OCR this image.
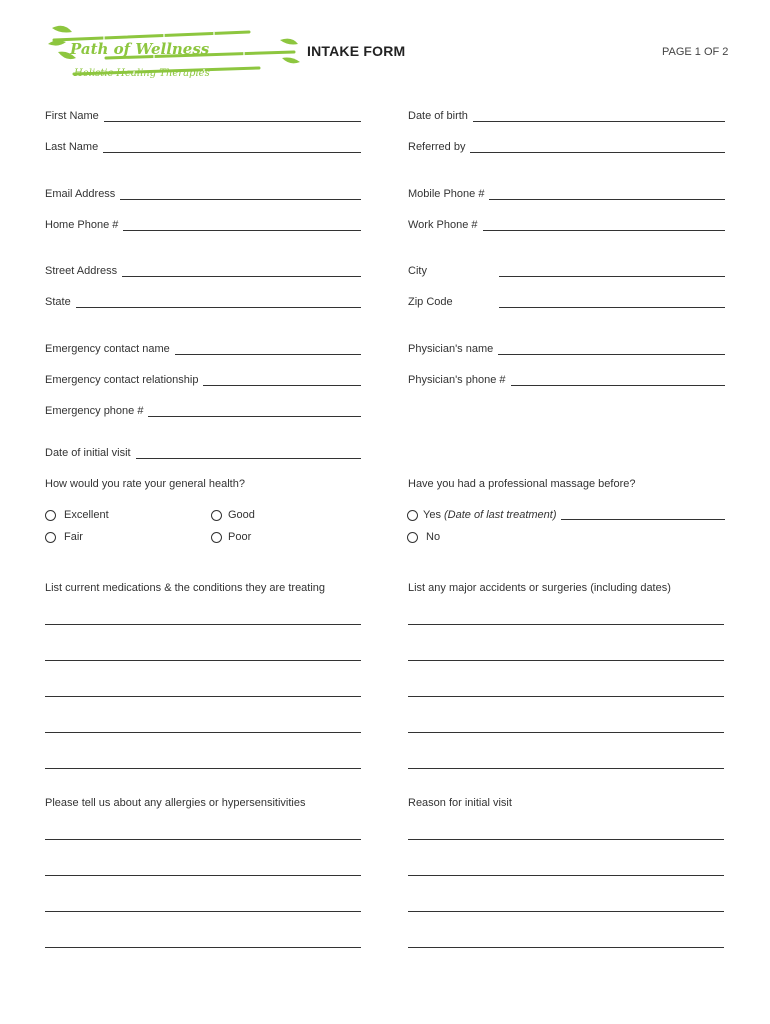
Path of Wellness
Holistic Healing Therapies
INTAKE FORM	PAGE 1 OF 2
First Name
Last Name
Email Address
Home Phone #
Street Address
State
Emergency contact name
Emergency contact relationship
Emergency phone #
Date of initial visit
Date of birth
Referred by
Mobile Phone #
Work Phone #
City
Zip Code
Physician's name
Physician's phone #
How would you rate your general health?
Excellent	Good
Fair	Poor
Have you had a professional massage before?
Yes
(Date of last treatment)
No
List current medications & the conditions they are treating	List any major accidents or surgeries (including dates)
Please tell us about any allergies or hypersensitivities	Reason for initial visit
